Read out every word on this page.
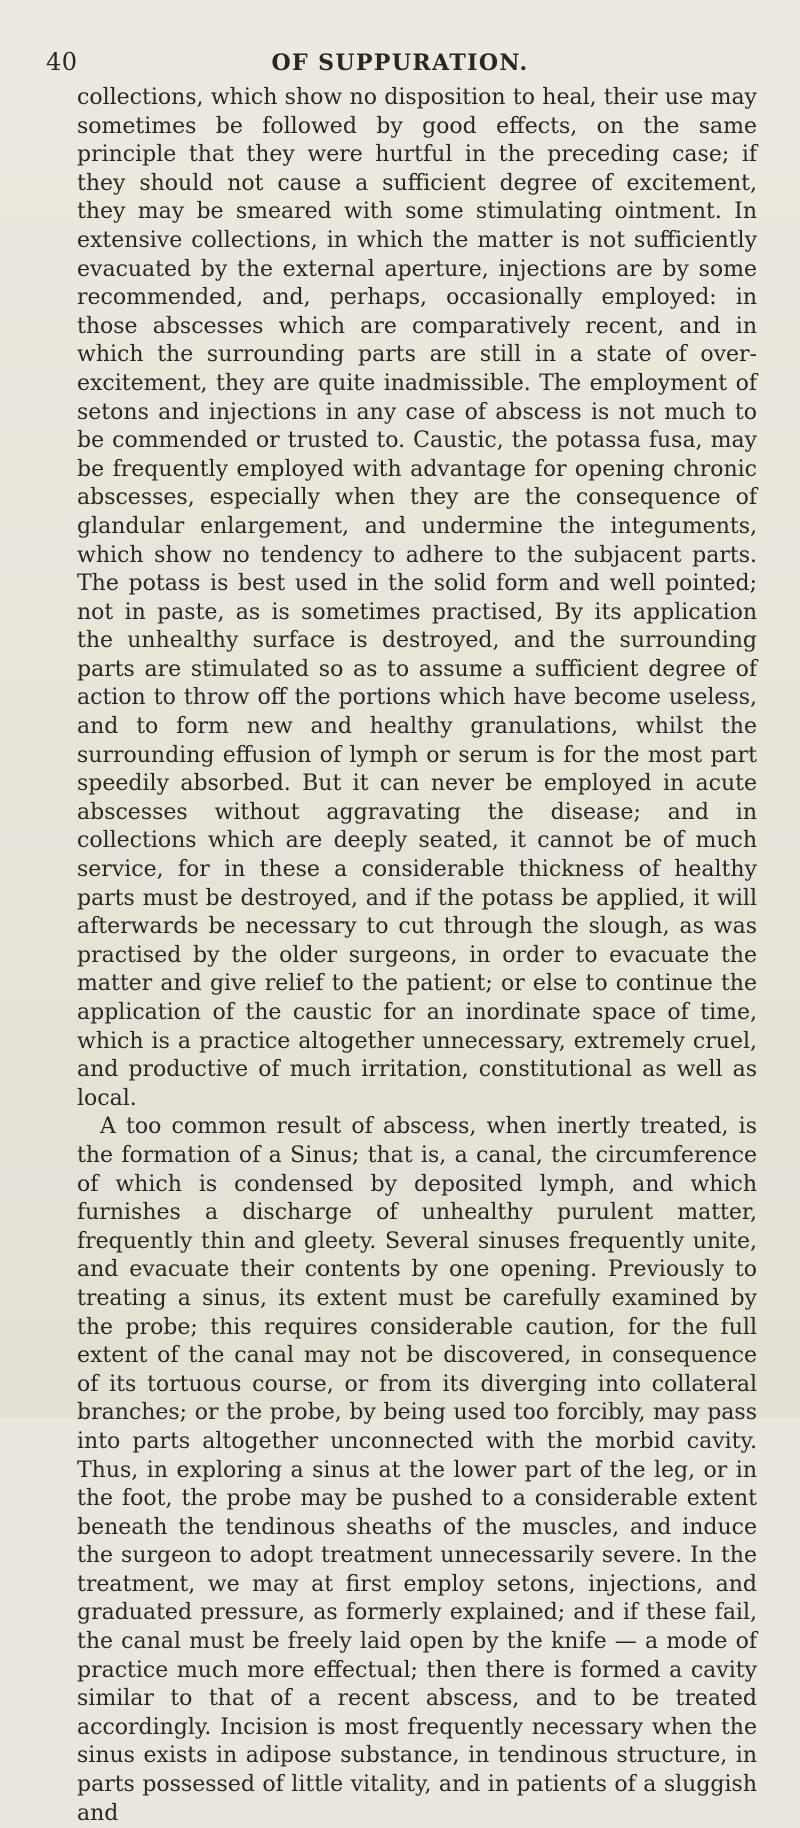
40	OF SUPPURATION.

collections, which show no disposition to heal, their use may sometimes be followed by good effects, on the same principle that they were hurtful in the preceding case; if they should not cause a sufficient degree of excitement, they may be smeared with some stimulating ointment. In extensive collections, in which the matter is not sufficiently evacuated by the external aperture, injections are by some recommended, and, perhaps, occasionally employed: in those abscesses which are comparatively recent, and in which the surrounding parts are still in a state of over-excitement, they are quite inadmissible. The employment of setons and injections in any case of abscess is not much to be commended or trusted to. Caustic, the potassa fusa, may be frequently employed with advantage for opening chronic abscesses, especially when they are the consequence of glandular enlargement, and undermine the integuments, which show no tendency to adhere to the subjacent parts. The potass is best used in the solid form and well pointed; not in paste, as is sometimes practised, By its application the unhealthy surface is destroyed, and the surrounding parts are stimulated so as to assume a sufficient degree of action to throw off the portions which have become useless, and to form new and healthy granulations, whilst the surrounding effusion of lymph or serum is for the most part speedily absorbed. But it can never be employed in acute abscesses without aggravating the disease; and in collections which are deeply seated, it cannot be of much service, for in these a considerable thickness of healthy parts must be destroyed, and if the potass be applied, it will afterwards be necessary to cut through the slough, as was practised by the older surgeons, in order to evacuate the matter and give relief to the patient; or else to continue the application of the caustic for an inordinate space of time, which is a practice altogether unnecessary, extremely cruel, and productive of much irritation, constitutional as well as local.

A too common result of abscess, when inertly treated, is the formation of a Sinus; that is, a canal, the circumference of which is condensed by deposited lymph, and which furnishes a discharge of unhealthy purulent matter, frequently thin and gleety. Several sinuses frequently unite, and evacuate their contents by one opening. Previously to treating a sinus, its extent must be carefully examined by the probe; this requires considerable caution, for the full extent of the canal may not be discovered, in consequence of its tortuous course, or from its diverging into collateral branches; or the probe, by being used too forcibly, may pass into parts altogether unconnected with the morbid cavity. Thus, in exploring a sinus at the lower part of the leg, or in the foot, the probe may be pushed to a considerable extent beneath the tendinous sheaths of the muscles, and induce the surgeon to adopt treatment unnecessarily severe. In the treatment, we may at first employ setons, injections, and graduated pressure, as formerly explained; and if these fail, the canal must be freely laid open by the knife — a mode of practice much more effectual; then there is formed a cavity similar to that of a recent abscess, and to be treated accordingly. Incision is most frequently necessary when the sinus exists in adipose substance, in tendinous structure, in parts possessed of little vitality, and in patients of a sluggish and
